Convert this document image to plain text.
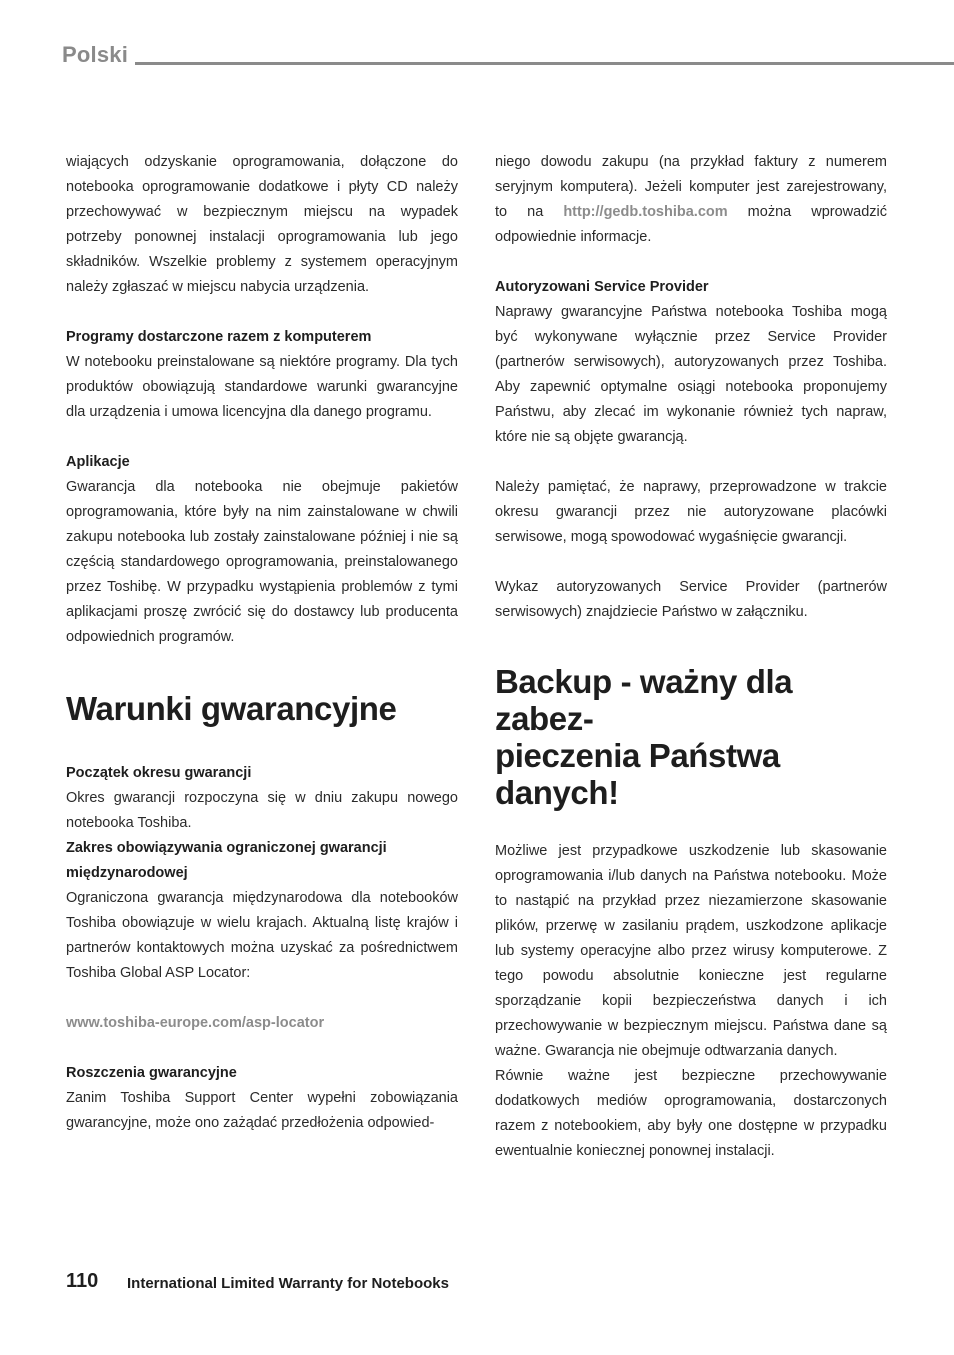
Polski

wiających odzyskanie oprogramowania, dołączone do notebooka oprogramowanie dodatkowe i płyty CD należy przechowywać w bezpiecznym miejscu na wypadek potrzeby ponownej instalacji oprogramowania lub jego składników. Wszelkie problemy z systemem operacyjnym należy zgłaszać w miejscu nabycia urządzenia.

Programy dostarczone razem z komputerem

W notebooku preinstalowane są niektóre programy. Dla tych produktów obowiązują standardowe warunki gwarancyjne dla urządzenia i umowa licencyjna dla danego programu.

Aplikacje

Gwarancja dla notebooka nie obejmuje pakietów oprogramowania, które były na nim zainstalowane w chwili zakupu notebooka lub zostały zainstalowane później i nie są częścią standardowego oprogramowania, preinstalowanego przez Toshibę. W przypadku wystąpienia problemów z tymi aplikacjami proszę zwrócić się do dostawcy lub producenta odpowiednich programów.

Warunki gwarancyjne
Początek okresu gwarancji

Okres gwarancji rozpoczyna się w dniu zakupu nowego notebooka Toshiba.

Zakres obowiązywania ograniczonej gwarancji międzynarodowej

Ograniczona gwarancja międzynarodowa dla notebooków Toshiba obowiązuje w wielu krajach. Aktualną listę krajów i partnerów kontaktowych można uzyskać za pośrednictwem Toshiba Global ASP Locator:

www.toshiba-europe.com/asp-locator

Roszczenia gwarancyjne

Zanim Toshiba Support Center wypełni zobowiązania gwarancyjne, może ono zażądać przedłożenia odpowied-

niego dowodu zakupu (na przykład faktury z numerem seryjnym komputera). Jeżeli komputer jest zarejestrowany, to na http://gedb.toshiba.com można wprowadzić odpowiednie informacje.

Autoryzowani Service Provider

Naprawy gwarancyjne Państwa notebooka Toshiba mogą być wykonywane wyłącznie przez Service Provider (partnerów serwisowych), autoryzowanych przez Toshiba. Aby zapewnić optymalne osiągi notebooka proponujemy Państwu, aby zlecać im wykonanie również tych napraw, które nie są objęte gwarancją.

Należy pamiętać, że naprawy, przeprowadzone w trakcie okresu gwarancji przez nie autoryzowane placówki serwisowe, mogą spowodować wygaśnięcie gwarancji.

Wykaz autoryzowanych Service Provider (partnerów serwisowych) znajdziecie Państwo w załączniku.

Backup - ważny dla zabez-
pieczenia Państwa danych!

Możliwe jest przypadkowe uszkodzenie lub skasowanie oprogramowania i/lub danych na Państwa notebooku. Może to nastąpić na przykład przez niezamierzone skasowanie plików, przerwę w zasilaniu prądem, uszkodzone aplikacje lub systemy operacyjne albo przez wirusy komputerowe. Z tego powodu absolutnie konieczne jest regularne sporządzanie kopii bezpieczeństwa danych i ich przechowywanie w bezpiecznym miejscu. Państwa dane są ważne. Gwarancja nie obejmuje odtwarzania danych.

Równie ważne jest bezpieczne przechowywanie dodatkowych mediów oprogramowania, dostarczonych razem z notebookiem, aby były one dostępne w przypadku ewentualnie koniecznej ponownej instalacji.

110 International Limited Warranty for Notebooks
